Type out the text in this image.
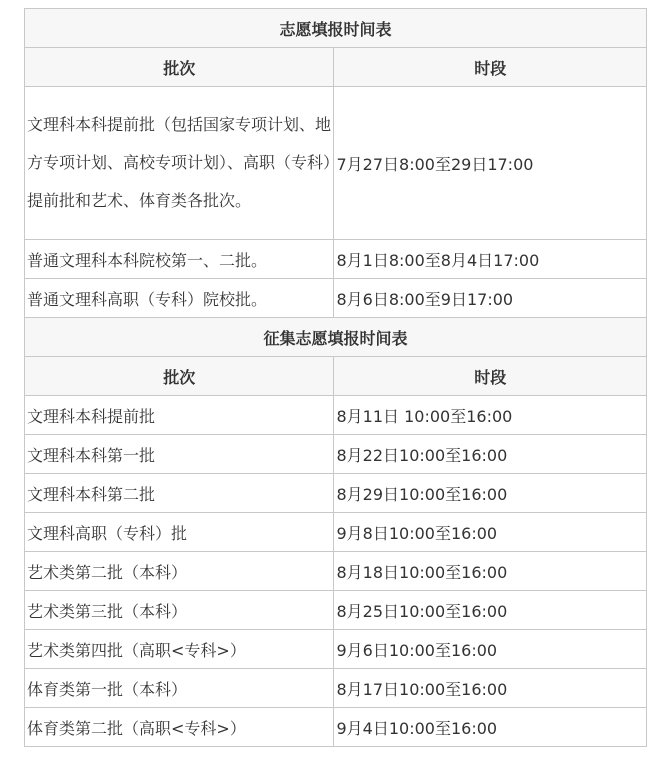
志愿填报时间表	
批次	时段
文理科本科提前批（包括国家专项计划、地方专项计划、高校专项计划）、高职（专科）提前批和艺术、体育类各批次。	7月27日8:00至29日17:00
普通文理科本科院校第一、二批。	8月1日8:00至8月4日17:00
普通文理科高职（专科）院校批。	8月6日8:00至9日17:00
征集志愿填报时间表	
批次	时段
文理科本科提前批	8月11日 10:00至16:00
文理科本科第一批	8月22日10:00至16:00
文理科本科第二批	8月29日10:00至16:00
文理科高职（专科）批	9月8日10:00至16:00
艺术类第二批（本科）	8月18日10:00至16:00
艺术类第三批（本科）	8月25日10:00至16:00
艺术类第四批（高职<专科>）	9月6日10:00至16:00
体育类第一批（本科）	8月17日10:00至16:00
体育类第二批（高职<专科>）	9月4日10:00至16:00
